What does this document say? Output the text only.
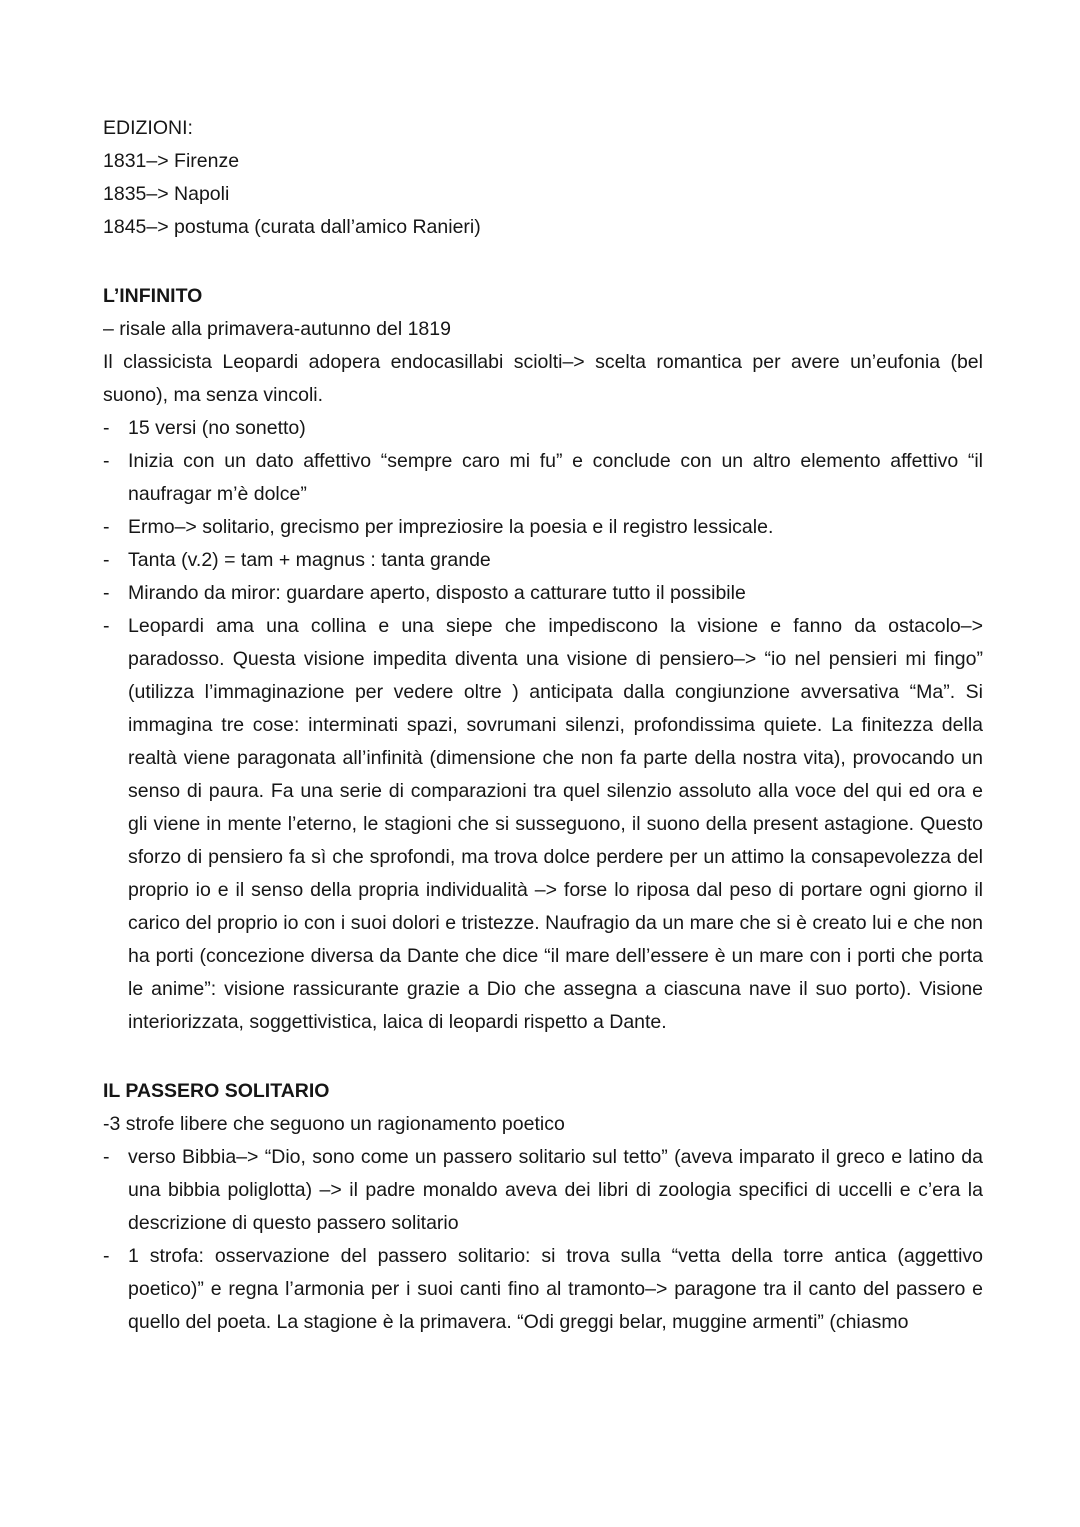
EDIZIONI:

1831–> Firenze

1835–> Napoli

1845–> postuma (curata dall’amico Ranieri)

L’INFINITO

– risale alla primavera-autunno del 1819

Il classicista Leopardi adopera endocasillabi sciolti–> scelta romantica per avere un’eufonia (bel suono), ma senza vincoli.

- 15 versi (no sonetto)

- Inizia con un dato affettivo “sempre caro mi fu” e conclude con un altro elemento affettivo “il naufragar m’è dolce”

- Ermo–> solitario, grecismo per impreziosire la poesia e il registro lessicale.

- Tanta (v.2) = tam + magnus : tanta grande

- Mirando da miror: guardare aperto, disposto a catturare tutto il possibile

- Leopardi ama una collina e una siepe che impediscono la visione e fanno da ostacolo–> paradosso. Questa visione impedita diventa una visione di pensiero–> “io nel pensieri mi fingo” (utilizza l’immaginazione per vedere oltre ) anticipata dalla congiunzione avversativa “Ma”. Si immagina tre cose: interminati spazi, sovrumani silenzi, profondissima quiete. La finitezza della realtà viene paragonata all’infinità (dimensione che non fa parte della nostra vita), provocando un senso di paura. Fa una serie di comparazioni tra quel silenzio assoluto alla voce del qui ed ora e gli viene in mente l’eterno, le stagioni che si susseguono, il suono della present astagione. Questo sforzo di pensiero fa sì che sprofondi, ma trova dolce perdere per un attimo la consapevolezza del proprio io e il senso della propria individualità –> forse lo riposa dal peso di portare ogni giorno il carico del proprio io con i suoi dolori e tristezze. Naufragio da un mare che si è creato lui e che non ha porti (concezione diversa da Dante che dice “il mare dell’essere è un mare con i porti che porta le anime”: visione rassicurante grazie a Dio che assegna a ciascuna nave il suo porto). Visione interiorizzata, soggettivistica, laica di leopardi rispetto a Dante.

IL PASSERO SOLITARIO

-3 strofe libere che seguono un ragionamento poetico

- verso Bibbia–> “Dio, sono come un passero solitario sul tetto” (aveva imparato il greco e latino da una bibbia poliglotta) –> il padre monaldo aveva dei libri di zoologia specifici di uccelli e c’era la descrizione di questo passero solitario

- 1 strofa: osservazione del passero solitario: si trova sulla “vetta della torre antica (aggettivo poetico)” e regna l’armonia per i suoi canti fino al tramonto–> paragone tra il canto del passero e quello del poeta. La stagione è la primavera. “Odi greggi belar, muggine armenti” (chiasmo
